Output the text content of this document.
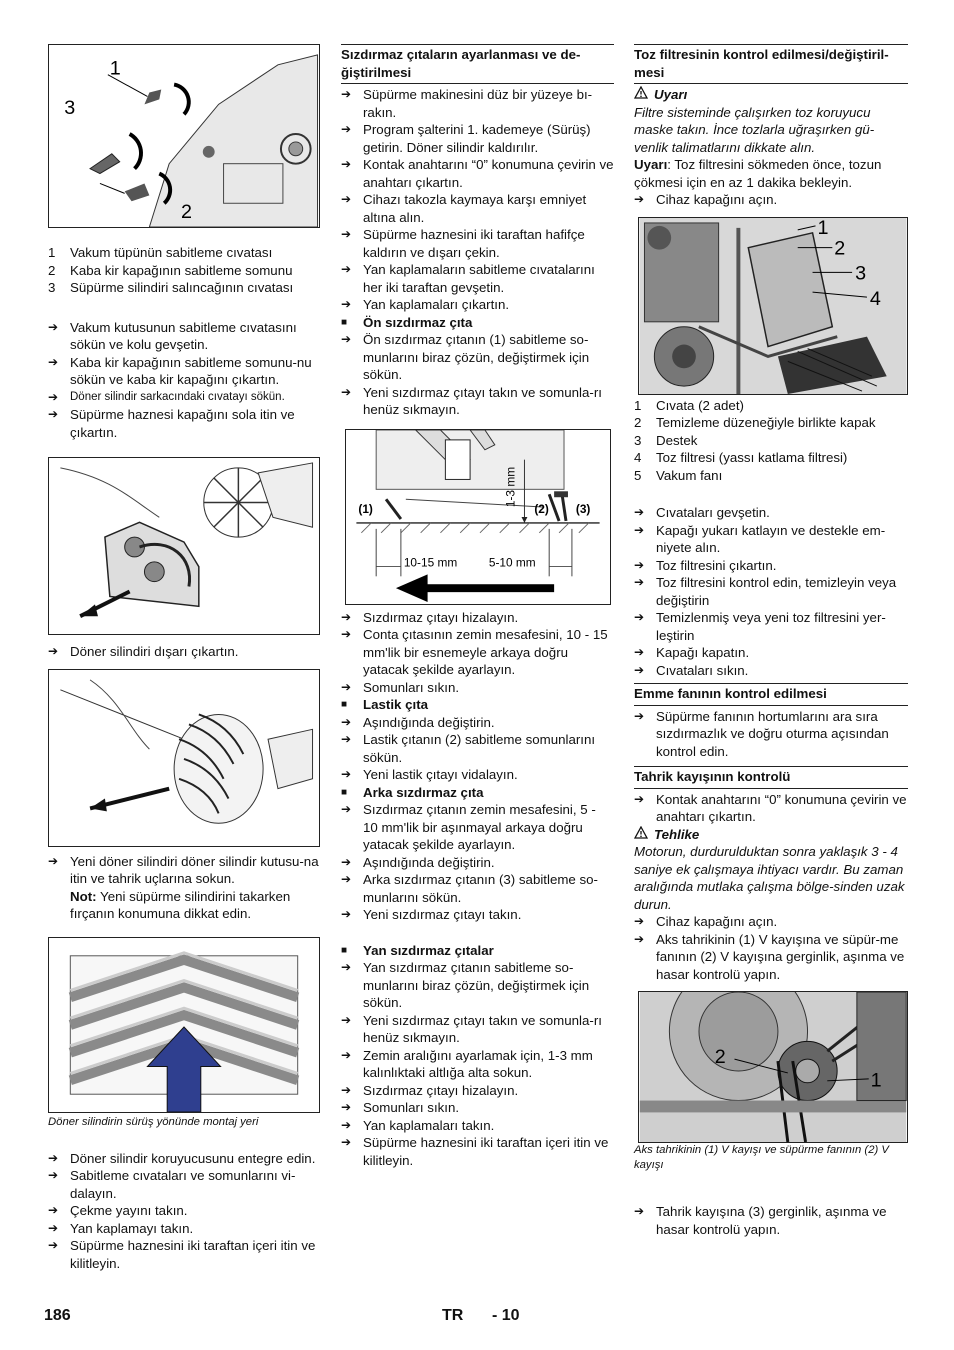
1
3
2
1	Vakum tüpünün sabitleme cıvatası
2	Kaba kir kapağının sabitleme somunu
3	Süpürme silindiri salıncağının cıvatası
➔ Vakum kutusunun sabitleme cıvatasını sökün ve kolu gevşetin.
➔ Kaba kir kapağının sabitleme somunu-nu sökün ve kaba kir kapağını çıkartın.
➔	Döner silindir sarkacındaki cıvatayı sökün.
➔ Süpürme haznesi kapağını sola itin ve çıkartın.
➔ Döner silindiri dışarı çıkartın.
➔ Yeni döner silindiri döner silindir kutusu-na itin ve tahrik uçlarına sokun.
Not: Yeni süpürme silindirini takarken fırçanın konumuna dikkat edin.
Döner silindirin sürüş yönünde montaj yeri
➔ Döner silindir koruyucusunu entegre edin.
➔ Sabitleme cıvataları ve somunlarını vi-dalayın.
➔ Çekme yayını takın.
➔ Yan kaplamayı takın.
➔ Süpürme haznesini iki taraftan içeri itin ve kilitleyin.
Sızdırmaz çıtaların ayarlanması ve de-ğiştirilmesi
➔ Süpürme makinesini düz bir yüzeye bı-rakın.
➔ Program şalterini 1. kademeye (Sürüş) getirin. Döner silindir kaldırılır.
➔ Kontak anahtarını “0” konumuna çevirin ve anahtarı çıkartın.
➔ Cihazı takozla kaymaya karşı emniyet altına alın.
➔ Süpürme haznesini iki taraftan hafifçe kaldırın ve dışarı çekin.
➔ Yan kaplamaların sabitleme cıvatalarını her iki taraftan gevşetin.
➔ Yan kaplamaları çıkartın.
■	Ön sızdırmaz çıta
➔ Ön sızdırmaz çıtanın (1) sabitleme so-munlarını biraz çözün, değiştirmek için sökün.
➔ Yeni sızdırmaz çıtayı takın ve somunla-rı henüz sıkmayın.
1-3 mm
(1)	(2) (3)
10-15 mm	5-10 mm
➔ Sızdırmaz çıtayı hizalayın.
➔ Conta çıtasının zemin mesafesini, 10 - 15 mm'lik bir esnemeyle arkaya doğru yatacak şekilde ayarlayın.
➔ Somunları sıkın.
■	Lastik çıta
➔ Aşındığında değiştirin.
➔ Lastik çıtanın (2) sabitleme somunlarını sökün.
➔ Yeni lastik çıtayı vidalayın.
■	Arka sızdırmaz çıta
➔ Sızdırmaz çıtanın zemin mesafesini, 5 - 10 mm'lik bir aşınmayal arkaya doğru yatacak şekilde ayarlayın.
➔ Aşındığında değiştirin.
➔ Arka sızdırmaz çıtanın (3) sabitleme so-munlarını sökün.
➔ Yeni sızdırmaz çıtayı takın.
■	Yan sızdırmaz çıtalar
➔ Yan sızdırmaz çıtanın sabitleme so-munlarını biraz çözün, değiştirmek için sökün.
➔ Yeni sızdırmaz çıtayı takın ve somunla-rı henüz sıkmayın.
➔ Zemin aralığını ayarlamak için, 1-3 mm kalınlıktaki altlığa alta sokun.
➔ Sızdırmaz çıtayı hizalayın.
➔ Somunları sıkın.
➔ Yan kaplamaları takın.
➔ Süpürme haznesini iki taraftan içeri itin ve kilitleyin.
Toz filtresinin kontrol edilmesi/değiştiril-mesi
Uyarı
Filtre sisteminde çalışırken toz koruyucu maske takın. İnce tozlarla uğraşırken gü-venlik talimatlarını dikkate alın.
Uyarı: Toz filtresini sökmeden önce, tozun çökmesi için en az 1 dakika bekleyin.
➔ Cihaz kapağını açın.
1
2
3
4
1	Cıvata (2 adet)
2	Temizleme düzeneğiyle birlikte kapak
3	Destek
4	Toz filtresi (yassı katlama filtresi)
5	Vakum fanı
➔ Cıvataları gevşetin.
➔ Kapağı yukarı katlayın ve destekle em-niyete alın.
➔ Toz filtresini çıkartın.
➔ Toz filtresini kontrol edin, temizleyin veya değiştirin
➔ Temizlenmiş veya yeni toz filtresini yer-leştirin
➔ Kapağı kapatın.
➔ Cıvataları sıkın.
Emme fanının kontrol edilmesi
➔ Süpürme fanının hortumlarını ara sıra sızdırmazlık ve doğru oturma açısından kontrol edin.
Tahrik kayışının kontrolü
➔ Kontak anahtarını “0” konumuna çevirin ve anahtarı çıkartın.
Tehlike
Motorun, durdurulduktan sonra yaklaşık 3 - 4 saniye ek çalışmaya ihtiyacı vardır. Bu zaman aralığında mutlaka çalışma bölge-sinden uzak durun.
➔ Cihaz kapağını açın.
➔ Aks tahrikinin (1) V kayışına ve süpür-me fanının (2) V kayışına gerginlik, aşınma ve hasar kontrolü yapın.
2
1
Aks tahrikinin (1) V kayışı ve süpürme fanının (2) V kayışı
➔ Tahrik kayışına (3) gerginlik, aşınma ve hasar kontrolü yapın.
186	TR - 10
